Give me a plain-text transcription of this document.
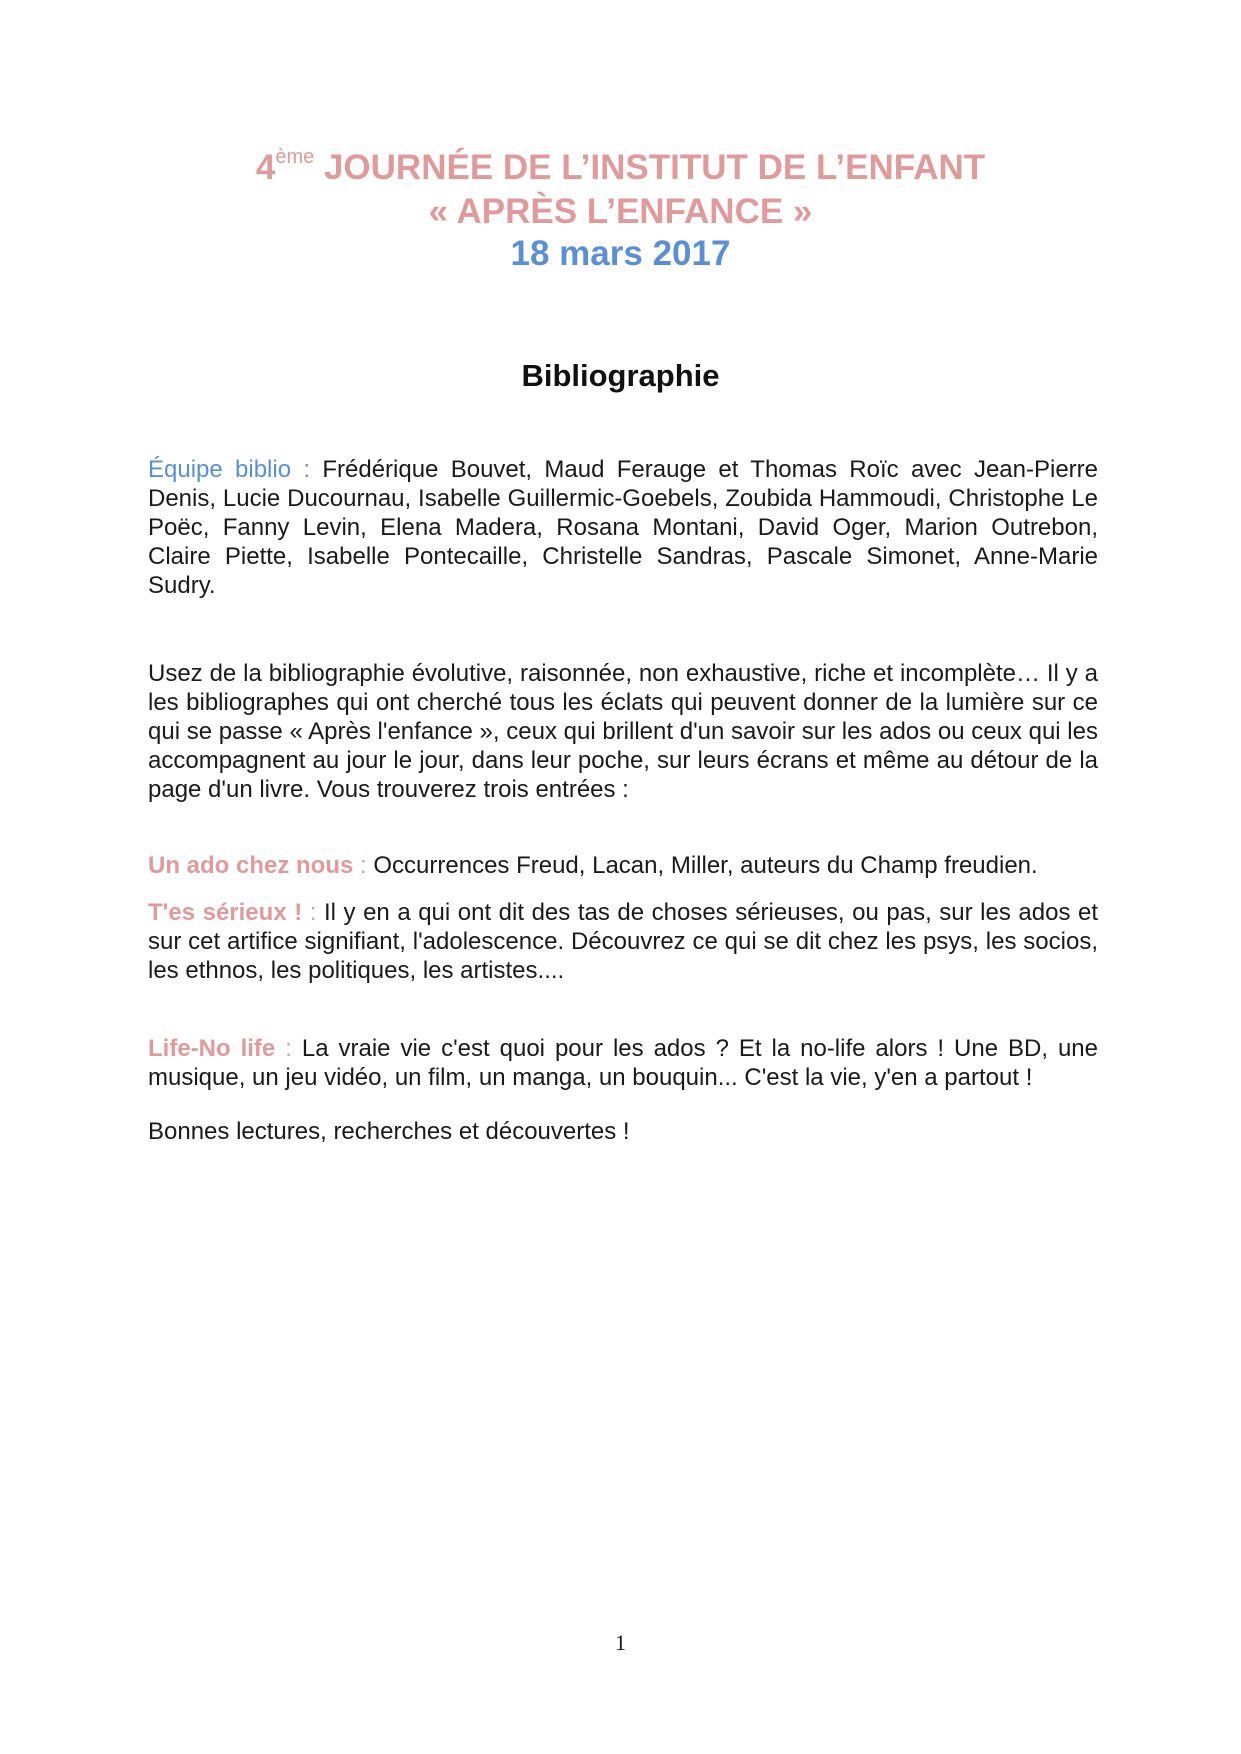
4ème JOURNÉE DE L’INSTITUT DE L’ENFANT
« APRÈS L’ENFANCE »
18 mars 2017
Bibliographie
Équipe biblio : Frédérique Bouvet, Maud Ferauge et Thomas Roïc avec Jean-Pierre Denis, Lucie Ducournau, Isabelle Guillermic-Goebels, Zoubida Hammoudi, Christophe Le Poëc, Fanny Levin, Elena Madera, Rosana Montani, David Oger, Marion Outrebon, Claire Piette, Isabelle Pontecaille, Christelle Sandras, Pascale Simonet, Anne-Marie Sudry.
Usez de la bibliographie évolutive, raisonnée, non exhaustive, riche et incomplète… Il y a les bibliographes qui ont cherché tous les éclats qui peuvent donner de la lumière sur ce qui se passe « Après l'enfance », ceux qui brillent d'un savoir sur les ados ou ceux qui les accompagnent au jour le jour, dans leur poche, sur leurs écrans et même au détour de la page d'un livre. Vous trouverez trois entrées :
Un ado chez nous : Occurrences Freud, Lacan, Miller, auteurs du Champ freudien.
T'es sérieux ! : Il y en a qui ont dit des tas de choses sérieuses, ou pas, sur les ados et sur cet artifice signifiant, l'adolescence. Découvrez ce qui se dit chez les psys, les socios, les ethnos, les politiques, les artistes....
Life-No life : La vraie vie c'est quoi pour les ados ? Et la no-life alors ! Une BD, une musique, un jeu vidéo, un film, un manga, un bouquin... C'est la vie, y'en a partout !
Bonnes lectures, recherches et découvertes !
1
